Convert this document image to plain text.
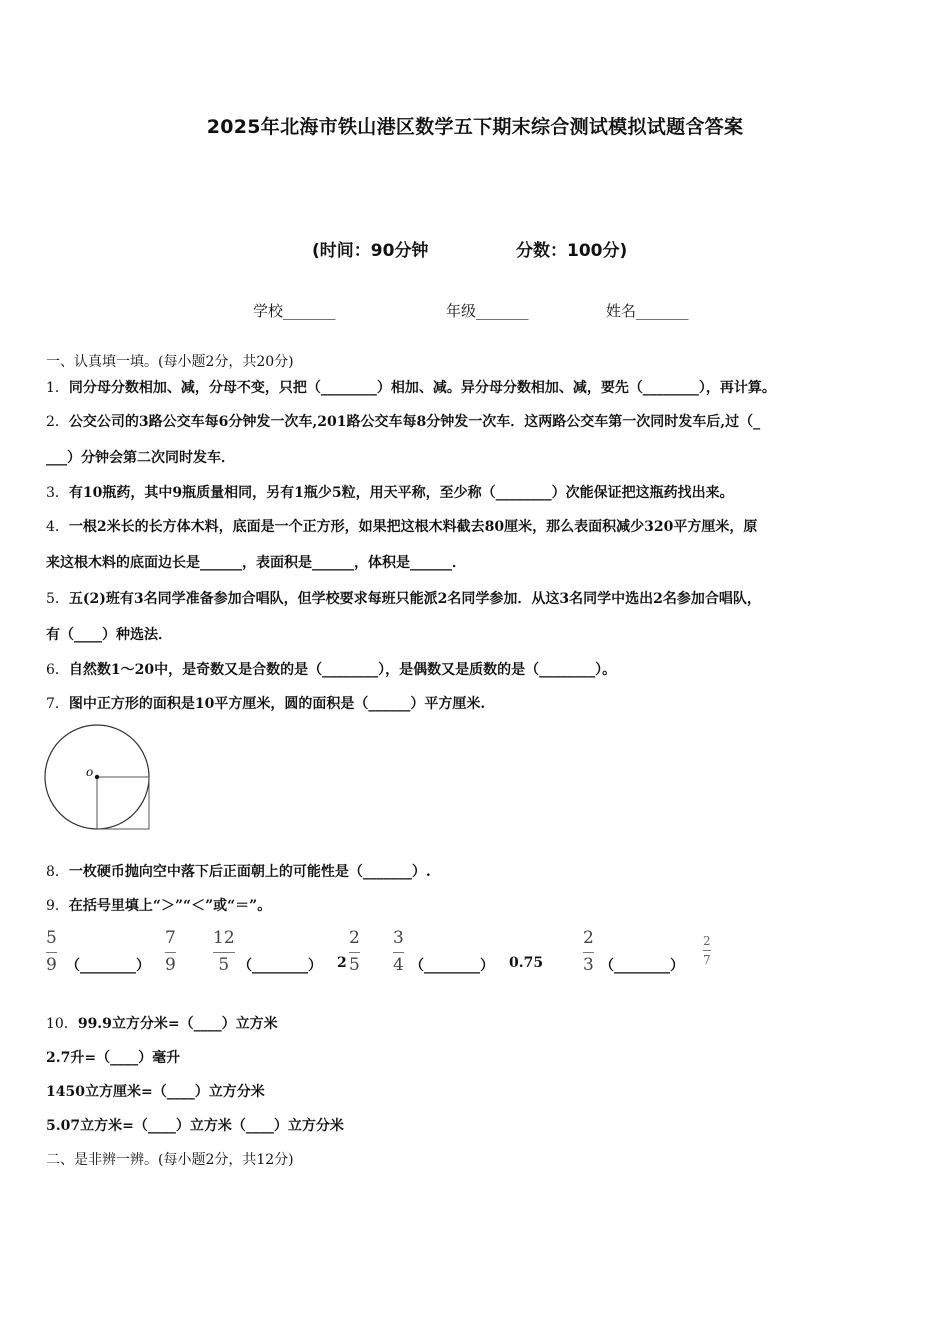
2025年北海市铁山港区数学五下期末综合测试模拟试题含答案
(时间：90分钟	分数：100分)
学校_______	年级_______	姓名_______
一、认真填一填。(每小题2分，共20分)
1．同分母分数相加、减，分母不变，只把（________）相加、减。异分母分数相加、减，要先（________），再计算。
2．公交公司的3路公交车每6分钟发一次车,201路公交车每8分钟发一次车．这两路公交车第一次同时发车后,过（_
___）分钟会第二次同时发车．
3．有10瓶药，其中9瓶质量相同，另有1瓶少5粒，用天平称，至少称（________）次能保证把这瓶药找出来。
4．一根2米长的长方体木料，底面是一个正方形，如果把这根木料截去80厘米，那么表面积减少320平方厘米，原
来这根木料的底面边长是______，表面积是______，体积是______．
5．五(2)班有3名同学准备参加合唱队，但学校要求每班只能派2名同学参加．从这3名同学中选出2名参加合唱队，
有（____）种选法．
6．自然数1～20中，是奇数又是合数的是（________），是偶数又是质数的是（________）。
7．图中正方形的面积是10平方厘米，圆的面积是（______）平方厘米.
o
8．一枚硬币抛向空中落下后正面朝上的可能性是（_______）.
9．在括号里填上“＞”“＜”或“＝”。
5
9 （________）
7
9
12
5 （________） 2
2
5
3
4 （________） 0.75
2
3 （________）
2
7
10．99.9立方分米=（____）立方米
2.7升=（____）毫升
1450立方厘米=（____）立方分米
5.07立方米=（____）立方米（____）立方分米
二、是非辨一辨。(每小题2分，共12分)
